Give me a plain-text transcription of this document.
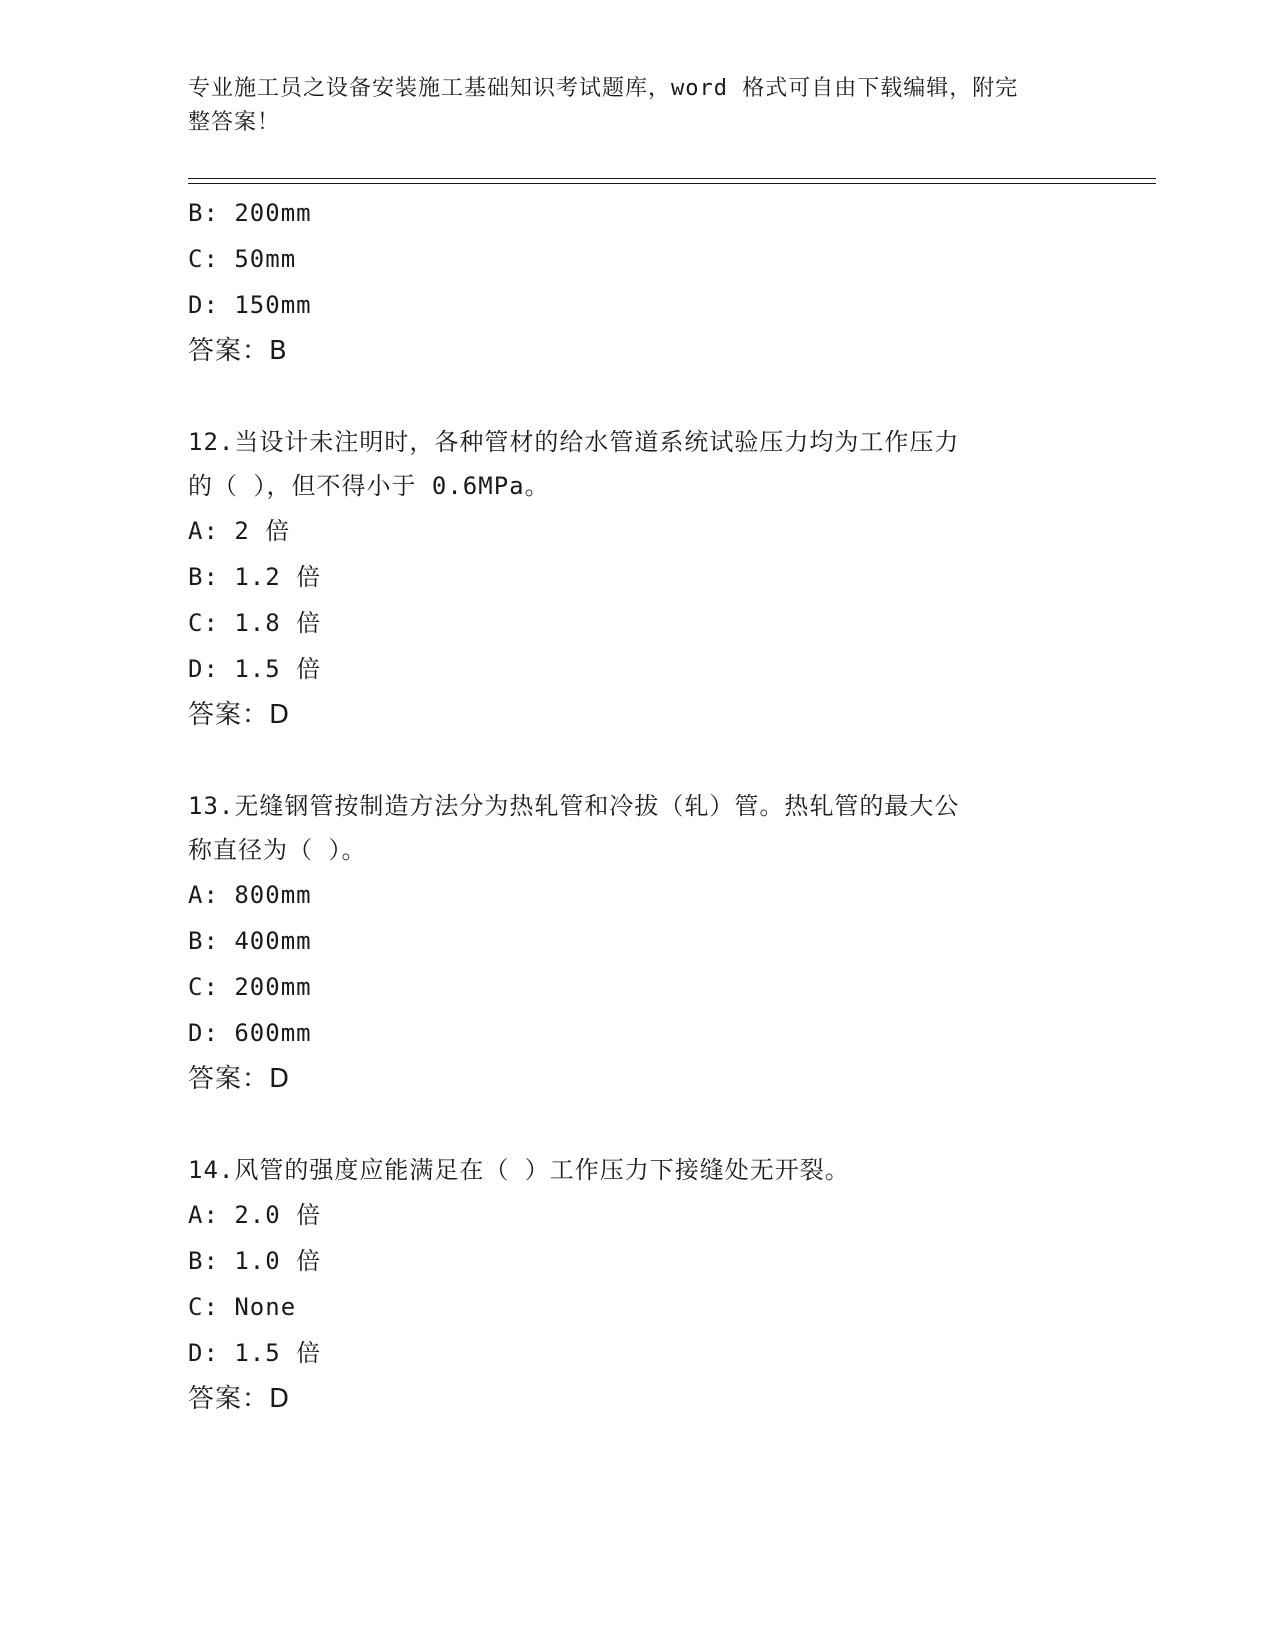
专业施工员之设备安装施工基础知识考试题库，word 格式可自由下载编辑，附完
整答案！
B: 200mm
C: 50mm
D: 150mm
答案：B
12.当设计未注明时，各种管材的给水管道系统试验压力均为工作压力
的（ ），但不得小于 0.6MPa。
A: 2 倍
B: 1.2 倍
C: 1.8 倍
D: 1.5 倍
答案：D
13.无缝钢管按制造方法分为热轧管和冷拔（轧）管。热轧管的最大公
称直径为（ ）。
A: 800mm
B: 400mm
C: 200mm
D: 600mm
答案：D
14.风管的强度应能满足在（ ）工作压力下接缝处无开裂。
A: 2.0 倍
B: 1.0 倍
C: None
D: 1.5 倍
答案：D
